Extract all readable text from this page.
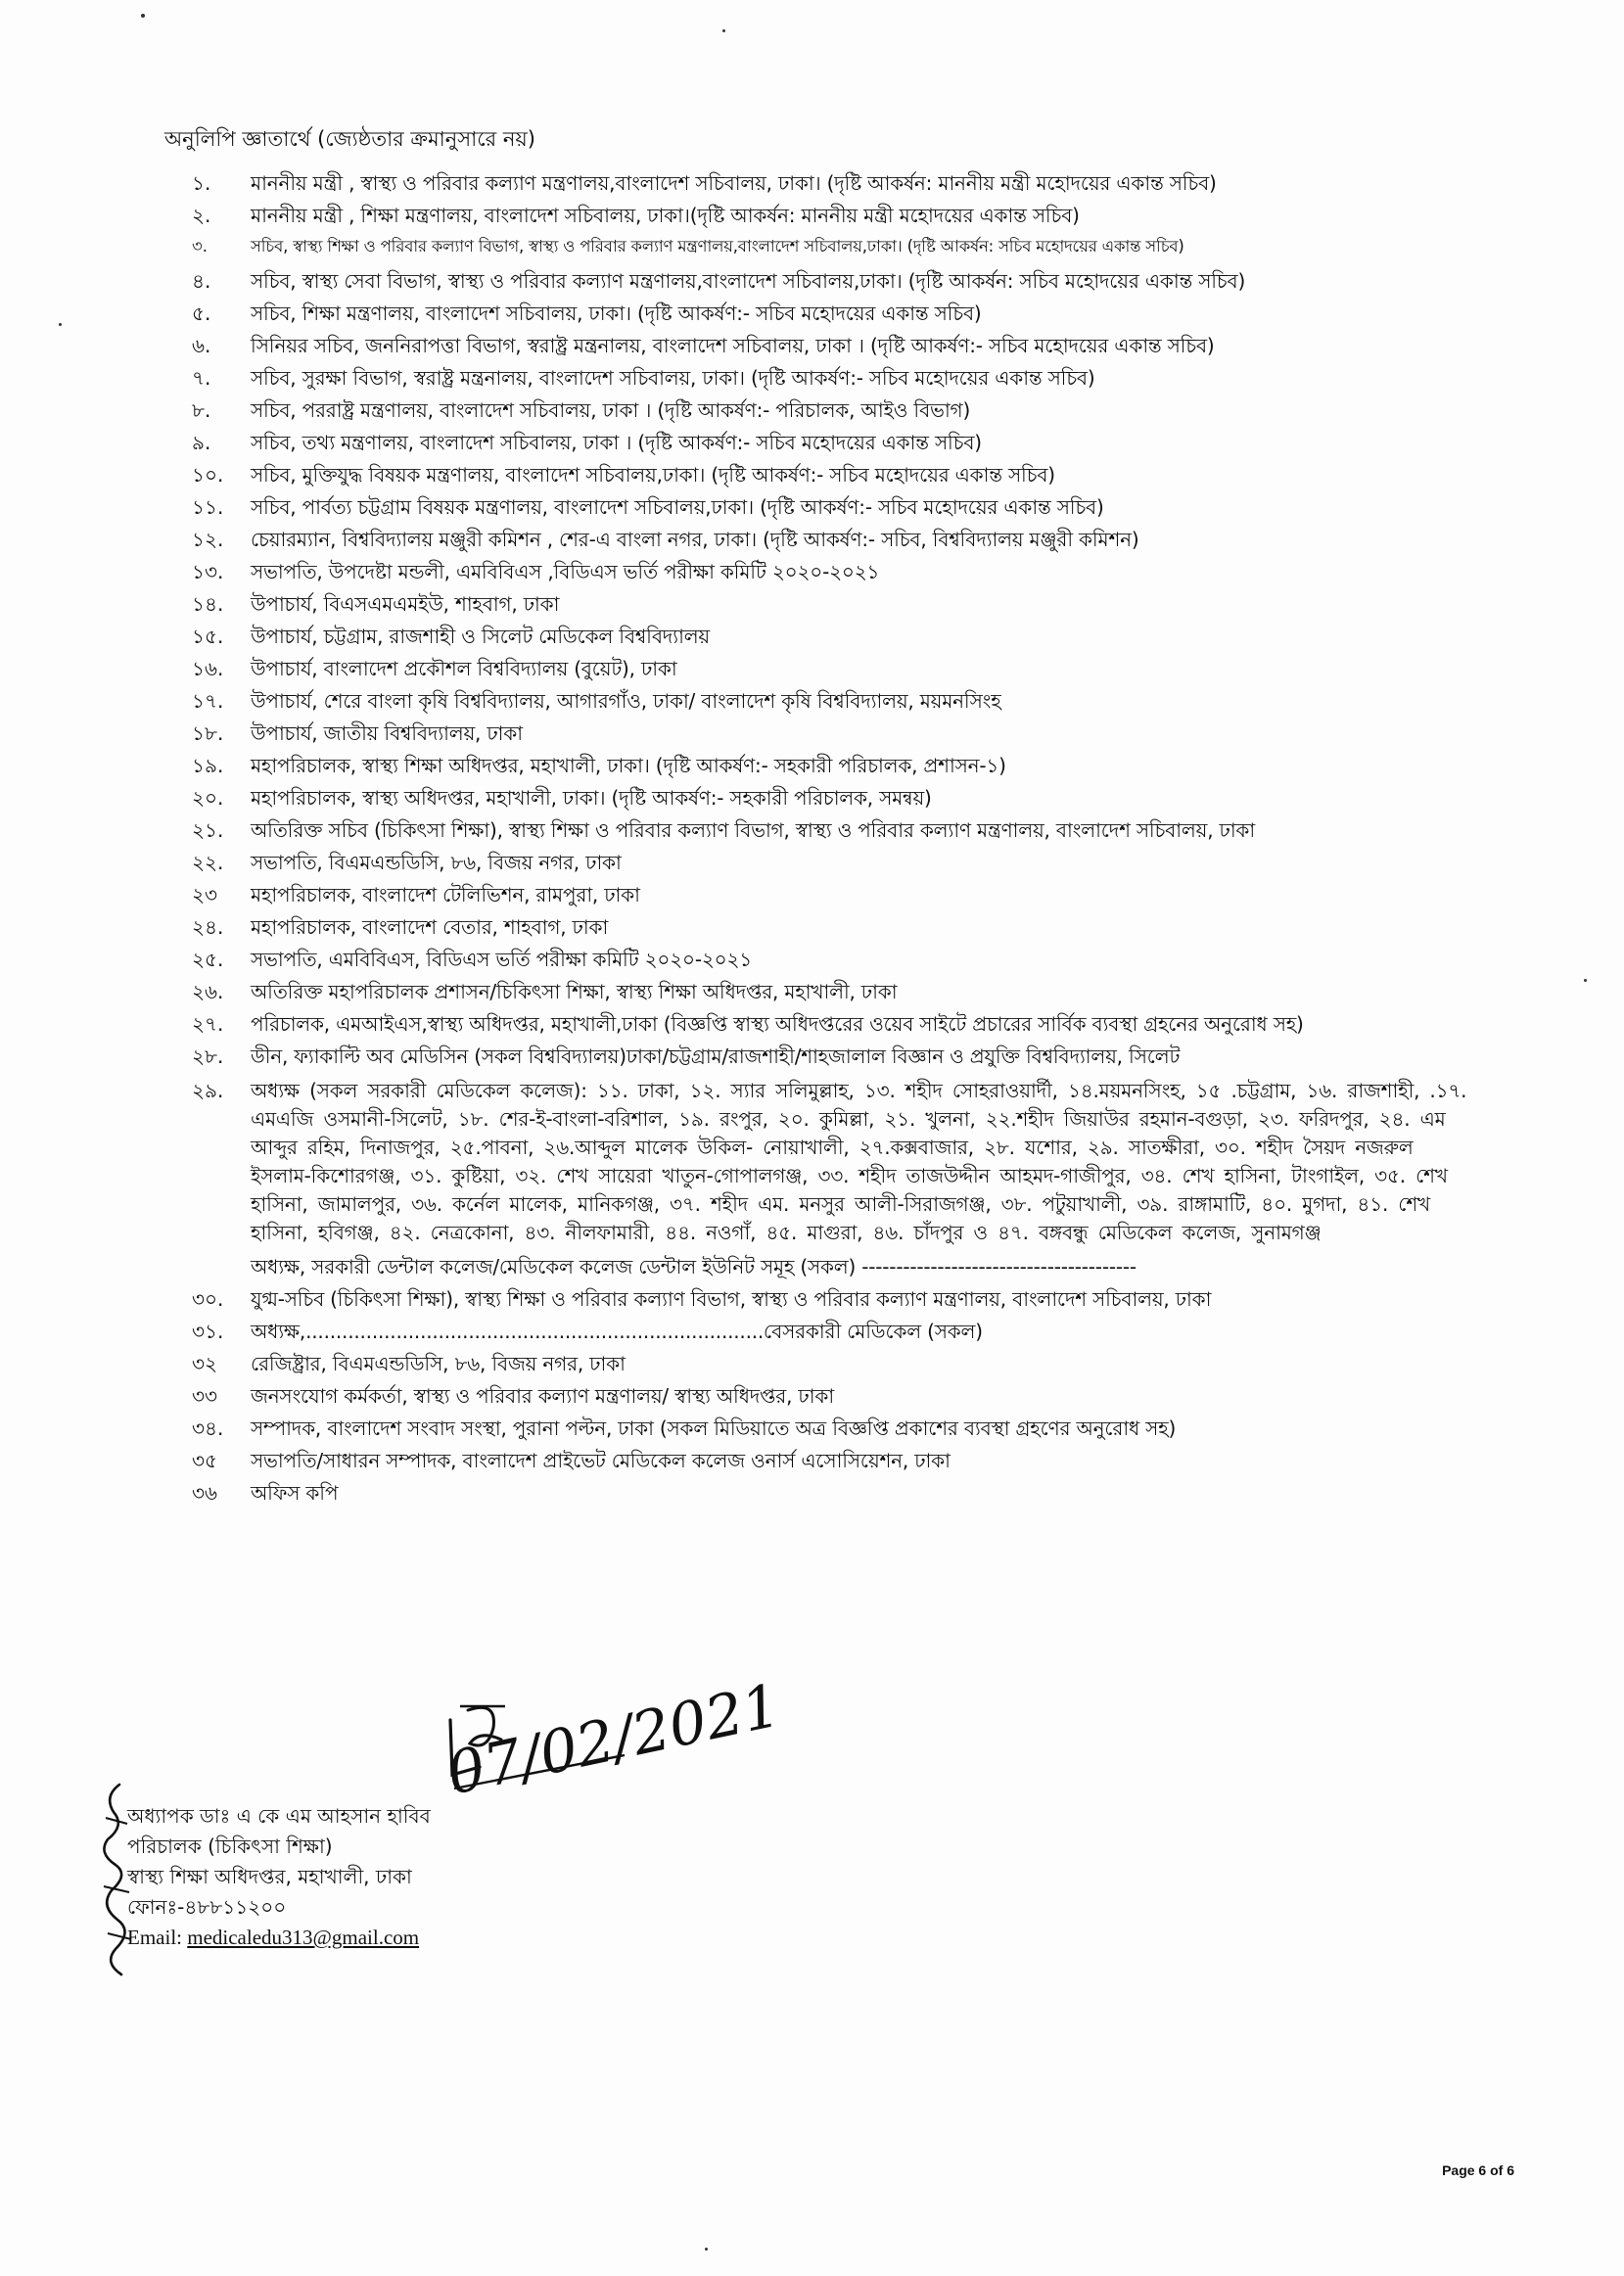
অনুলিপি জ্ঞাতার্থে (জ্যেষ্ঠতার ক্রমানুসারে নয়)
১.	মাননীয় মন্ত্রী , স্বাস্থ্য ও পরিবার কল্যাণ মন্ত্রণালয়,বাংলাদেশ সচিবালয়, ঢাকা। (দৃষ্টি আকর্ষন: মাননীয় মন্ত্রী মহোদয়ের একান্ত সচিব)
২.	মাননীয় মন্ত্রী , শিক্ষা মন্ত্রণালয়, বাংলাদেশ সচিবালয়, ঢাকা।(দৃষ্টি আকর্ষন: মাননীয় মন্ত্রী মহোদয়ের একান্ত সচিব)
৩.	সচিব, স্বাস্থ্য শিক্ষা ও পরিবার কল্যাণ বিভাগ, স্বাস্থ্য ও পরিবার কল্যাণ মন্ত্রণালয়,বাংলাদেশ সচিবালয়,ঢাকা। (দৃষ্টি আকর্ষন: সচিব মহোদয়ের একান্ত সচিব)
৪.	সচিব, স্বাস্থ্য সেবা বিভাগ, স্বাস্থ্য ও পরিবার কল্যাণ মন্ত্রণালয়,বাংলাদেশ সচিবালয়,ঢাকা। (দৃষ্টি আকর্ষন: সচিব মহোদয়ের একান্ত সচিব)
৫.	সচিব, শিক্ষা মন্ত্রণালয়, বাংলাদেশ সচিবালয়, ঢাকা। (দৃষ্টি আকর্ষণ:- সচিব মহোদয়ের একান্ত সচিব)
৬.	সিনিয়র সচিব, জননিরাপত্তা বিভাগ, স্বরাষ্ট্র মন্ত্রনালয়, বাংলাদেশ সচিবালয়, ঢাকা । (দৃষ্টি আকর্ষণ:- সচিব মহোদয়ের একান্ত সচিব)
৭.	সচিব, সুরক্ষা বিভাগ, স্বরাষ্ট্র মন্ত্রনালয়, বাংলাদেশ সচিবালয়, ঢাকা। (দৃষ্টি আকর্ষণ:- সচিব মহোদয়ের একান্ত সচিব)
৮.	সচিব, পররাষ্ট্র মন্ত্রণালয়, বাংলাদেশ সচিবালয়, ঢাকা । (দৃষ্টি আকর্ষণ:- পরিচালক, আইও বিভাগ)
৯.	সচিব, তথ্য মন্ত্রণালয়, বাংলাদেশ সচিবালয়, ঢাকা । (দৃষ্টি আকর্ষণ:- সচিব মহোদয়ের একান্ত সচিব)
১০.	সচিব, মুক্তিযুদ্ধ বিষয়ক মন্ত্রণালয়, বাংলাদেশ সচিবালয়,ঢাকা। (দৃষ্টি আকর্ষণ:- সচিব মহোদয়ের একান্ত সচিব)
১১.	সচিব, পার্বত্য চট্টগ্রাম বিষয়ক মন্ত্রণালয়, বাংলাদেশ সচিবালয়,ঢাকা। (দৃষ্টি আকর্ষণ:- সচিব মহোদয়ের একান্ত সচিব)
১২.	চেয়ারম্যান, বিশ্ববিদ্যালয় মঞ্জুরী কমিশন , শের-এ বাংলা নগর, ঢাকা। (দৃষ্টি আকর্ষণ:- সচিব, বিশ্ববিদ্যালয় মঞ্জুরী কমিশন)
১৩.	সভাপতি, উপদেষ্টা মন্ডলী, এমবিবিএস ,বিডিএস ভর্তি পরীক্ষা কমিটি ২০২০-২০২১
১৪.	উপাচার্য, বিএসএমএমইউ, শাহবাগ, ঢাকা
১৫.	উপাচার্য, চট্টগ্রাম, রাজশাহী ও সিলেট মেডিকেল বিশ্ববিদ্যালয়
১৬.	উপাচার্য, বাংলাদেশ প্রকৌশল বিশ্ববিদ্যালয় (বুয়েট), ঢাকা
১৭.	উপাচার্য, শেরে বাংলা কৃষি বিশ্ববিদ্যালয়, আগারগাঁও, ঢাকা/ বাংলাদেশ কৃষি বিশ্ববিদ্যালয়, ময়মনসিংহ
১৮.	উপাচার্য, জাতীয় বিশ্ববিদ্যালয়, ঢাকা
১৯.	মহাপরিচালক, স্বাস্থ্য শিক্ষা অধিদপ্তর, মহাখালী, ঢাকা। (দৃষ্টি আকর্ষণ:- সহকারী পরিচালক, প্রশাসন-১)
২০.	মহাপরিচালক, স্বাস্থ্য অধিদপ্তর, মহাখালী, ঢাকা। (দৃষ্টি আকর্ষণ:- সহকারী পরিচালক, সমন্বয়)
২১.	অতিরিক্ত সচিব (চিকিৎসা শিক্ষা), স্বাস্থ্য শিক্ষা ও পরিবার কল্যাণ বিভাগ, স্বাস্থ্য ও পরিবার কল্যাণ মন্ত্রণালয়, বাংলাদেশ সচিবালয়, ঢাকা
২২.	সভাপতি, বিএমএন্ডডিসি, ৮৬, বিজয় নগর, ঢাকা
২৩	মহাপরিচালক, বাংলাদেশ টেলিভিশন, রামপুরা, ঢাকা
২৪.	মহাপরিচালক, বাংলাদেশ বেতার, শাহবাগ, ঢাকা
২৫.	সভাপতি, এমবিবিএস, বিডিএস ভর্তি পরীক্ষা কমিটি ২০২০-২০২১
২৬.	অতিরিক্ত মহাপরিচালক প্রশাসন/চিকিৎসা শিক্ষা, স্বাস্থ্য শিক্ষা অধিদপ্তর, মহাখালী, ঢাকা
২৭.	পরিচালক, এমআইএস,স্বাস্থ্য অধিদপ্তর, মহাখালী,ঢাকা (বিজ্ঞপ্তি স্বাস্থ্য অধিদপ্তরের ওয়েব সাইটে প্রচারের সার্বিক ব্যবস্থা গ্রহনের অনুরোধ সহ)
২৮.	ডীন, ফ্যাকাল্টি অব মেডিসিন (সকল বিশ্ববিদ্যালয়)ঢাকা/চট্টগ্রাম/রাজশাহী/শাহজালাল বিজ্ঞান ও প্রযুক্তি বিশ্ববিদ্যালয়, সিলেট
২৯.	অধ্যক্ষ (সকল সরকারী মেডিকেল কলেজ): ১১. ঢাকা, ১২. স্যার সলিমুল্লাহ, ১৩. শহীদ সোহরাওয়ার্দী, ১৪.ময়মনসিংহ, ১৫ .চট্টগ্রাম, ১৬. রাজশাহী, .১৭. এমএজি ওসমানী-সিলেট, ১৮. শের-ই-বাংলা-বরিশাল, ১৯. রংপুর, ২০. কুমিল্লা, ২১. খুলনা, ২২.শহীদ জিয়াউর রহমান-বগুড়া, ২৩. ফরিদপুর, ২৪. এম আব্দুর রহিম, দিনাজপুর, ২৫.পাবনা, ২৬.আব্দুল মালেক উকিল- নোয়াখালী, ২৭.কক্সবাজার, ২৮. যশোর, ২৯. সাতক্ষীরা, ৩০. শহীদ সৈয়দ নজরুল ইসলাম-কিশোরগঞ্জ, ৩১. কুষ্টিয়া, ৩২. শেখ সায়েরা খাতুন-গোপালগঞ্জ, ৩৩. শহীদ তাজউদ্দীন আহমদ-গাজীপুর, ৩৪. শেখ হাসিনা, টাংগাইল, ৩৫. শেখ হাসিনা, জামালপুর, ৩৬. কর্নেল মালেক, মানিকগঞ্জ, ৩৭. শহীদ এম. মনসুর আলী-সিরাজগঞ্জ, ৩৮. পটুয়াখালী, ৩৯. রাঙ্গামাটি, ৪০. মুগদা, ৪১. শেখ হাসিনা, হবিগঞ্জ, ৪২. নেত্রকোনা, ৪৩. নীলফামারী, ৪৪. নওগাঁ, ৪৫. মাগুরা, ৪৬. চাঁদপুর ও ৪৭. বঙ্গবন্ধু মেডিকেল কলেজ, সুনামগঞ্জ
অধ্যক্ষ, সরকারী ডেন্টাল কলেজ/মেডিকেল কলেজ ডেন্টাল ইউনিট সমূহ (সকল) ----------------------------------------
৩০.	যুগ্ম-সচিব (চিকিৎসা শিক্ষা), স্বাস্থ্য শিক্ষা ও পরিবার কল্যাণ বিভাগ, স্বাস্থ্য ও পরিবার কল্যাণ মন্ত্রণালয়, বাংলাদেশ সচিবালয়, ঢাকা
৩১.	অধ্যক্ষ,............................................................................বেসরকারী মেডিকেল (সকল)
৩২	রেজিষ্ট্রার, বিএমএন্ডডিসি, ৮৬, বিজয় নগর, ঢাকা
৩৩	জনসংযোগ কর্মকর্তা, স্বাস্থ্য ও পরিবার কল্যাণ মন্ত্রণালয়/ স্বাস্থ্য অধিদপ্তর, ঢাকা
৩৪.	সম্পাদক, বাংলাদেশ সংবাদ সংস্থা, পুরানা পল্টন, ঢাকা (সকল মিডিয়াতে অত্র বিজ্ঞপ্তি প্রকাশের ব্যবস্থা গ্রহণের অনুরোধ সহ)
৩৫	সভাপতি/সাধারন সম্পাদক, বাংলাদেশ প্রাইভেট মেডিকেল কলেজ ওনার্স এসোসিয়েশন, ঢাকা
৩৬	অফিস কপি
07/02/2021
অধ্যাপক ডাঃ এ কে এম আহসান হাবিব
পরিচালক (চিকিৎসা শিক্ষা)
স্বাস্থ্য শিক্ষা অধিদপ্তর, মহাখালী, ঢাকা
ফোনঃ-৪৮৮১১২০০
Email: medicaledu313@gmail.com
Page 6 of 6
